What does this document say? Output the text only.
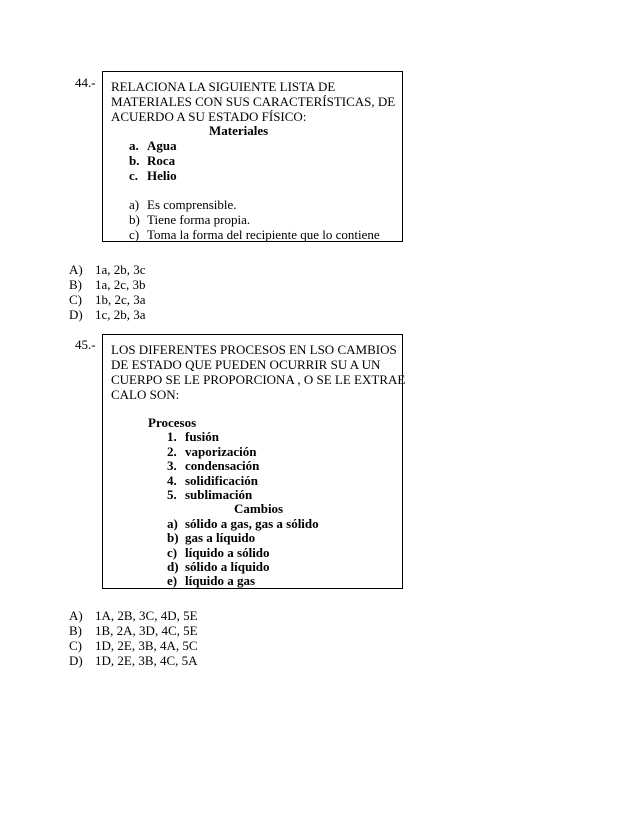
44.- RELACIONA LA SIGUIENTE LISTA DE
MATERIALES CON SUS CARACTERÍSTICAS, DE
ACUERDO A SU ESTADO FÍSICO:
Materiales
a. Agua
b. Roca
c. Helio
a) Es comprensible.
b) Tiene forma propia.
c) Toma la forma del recipiente que lo contiene
A) 1a, 2b, 3c
B) 1a, 2c, 3b
C) 1b, 2c, 3a
D) 1c, 2b, 3a
45.- LOS DIFERENTES PROCESOS EN LSO CAMBIOS
DE ESTADO QUE PUEDEN OCURRIR SU A UN
CUERPO SE LE PROPORCIONA , O SE LE EXTRAE
CALO SON:
Procesos
1. fusión
2. vaporización
3. condensación
4. solidificación
5. sublimación
Cambios
a) sólido a gas, gas a sólido
b) gas a líquido
c) líquido a sólido
d) sólido a líquido
e) líquido a gas
A) 1A, 2B, 3C, 4D, 5E
B) 1B, 2A, 3D, 4C, 5E
C) 1D, 2E, 3B, 4A, 5C
D) 1D, 2E, 3B, 4C, 5A
